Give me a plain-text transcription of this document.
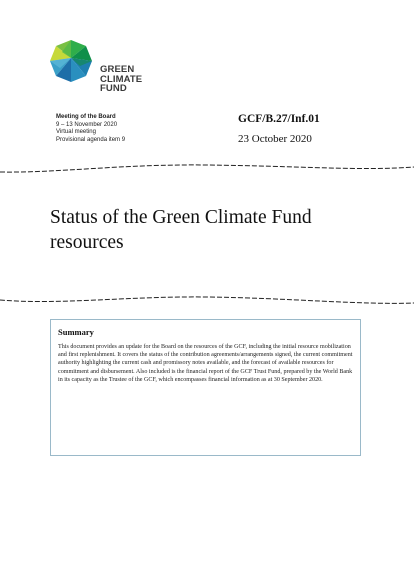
GREEN
CLIMATE
FUND
Meeting of the Board
9 – 13 November 2020
Virtual meeting
Provisional agenda item 9
GCF/B.27/Inf.01
23 October 2020
Status of the Green Climate Fund resources
Summary

This document provides an update for the Board on the resources of the GCF, including the initial resource mobilization and first replenishment. It covers the status of the contribution agreements/arrangements signed, the current commitment authority highlighting the current cash and promissory notes available, and the forecast of available resources for commitment and disbursement. Also included is the financial report of the GCF Trust Fund, prepared by the World Bank in its capacity as the Trustee of the GCF, which encompasses financial information as at 30 September 2020.
